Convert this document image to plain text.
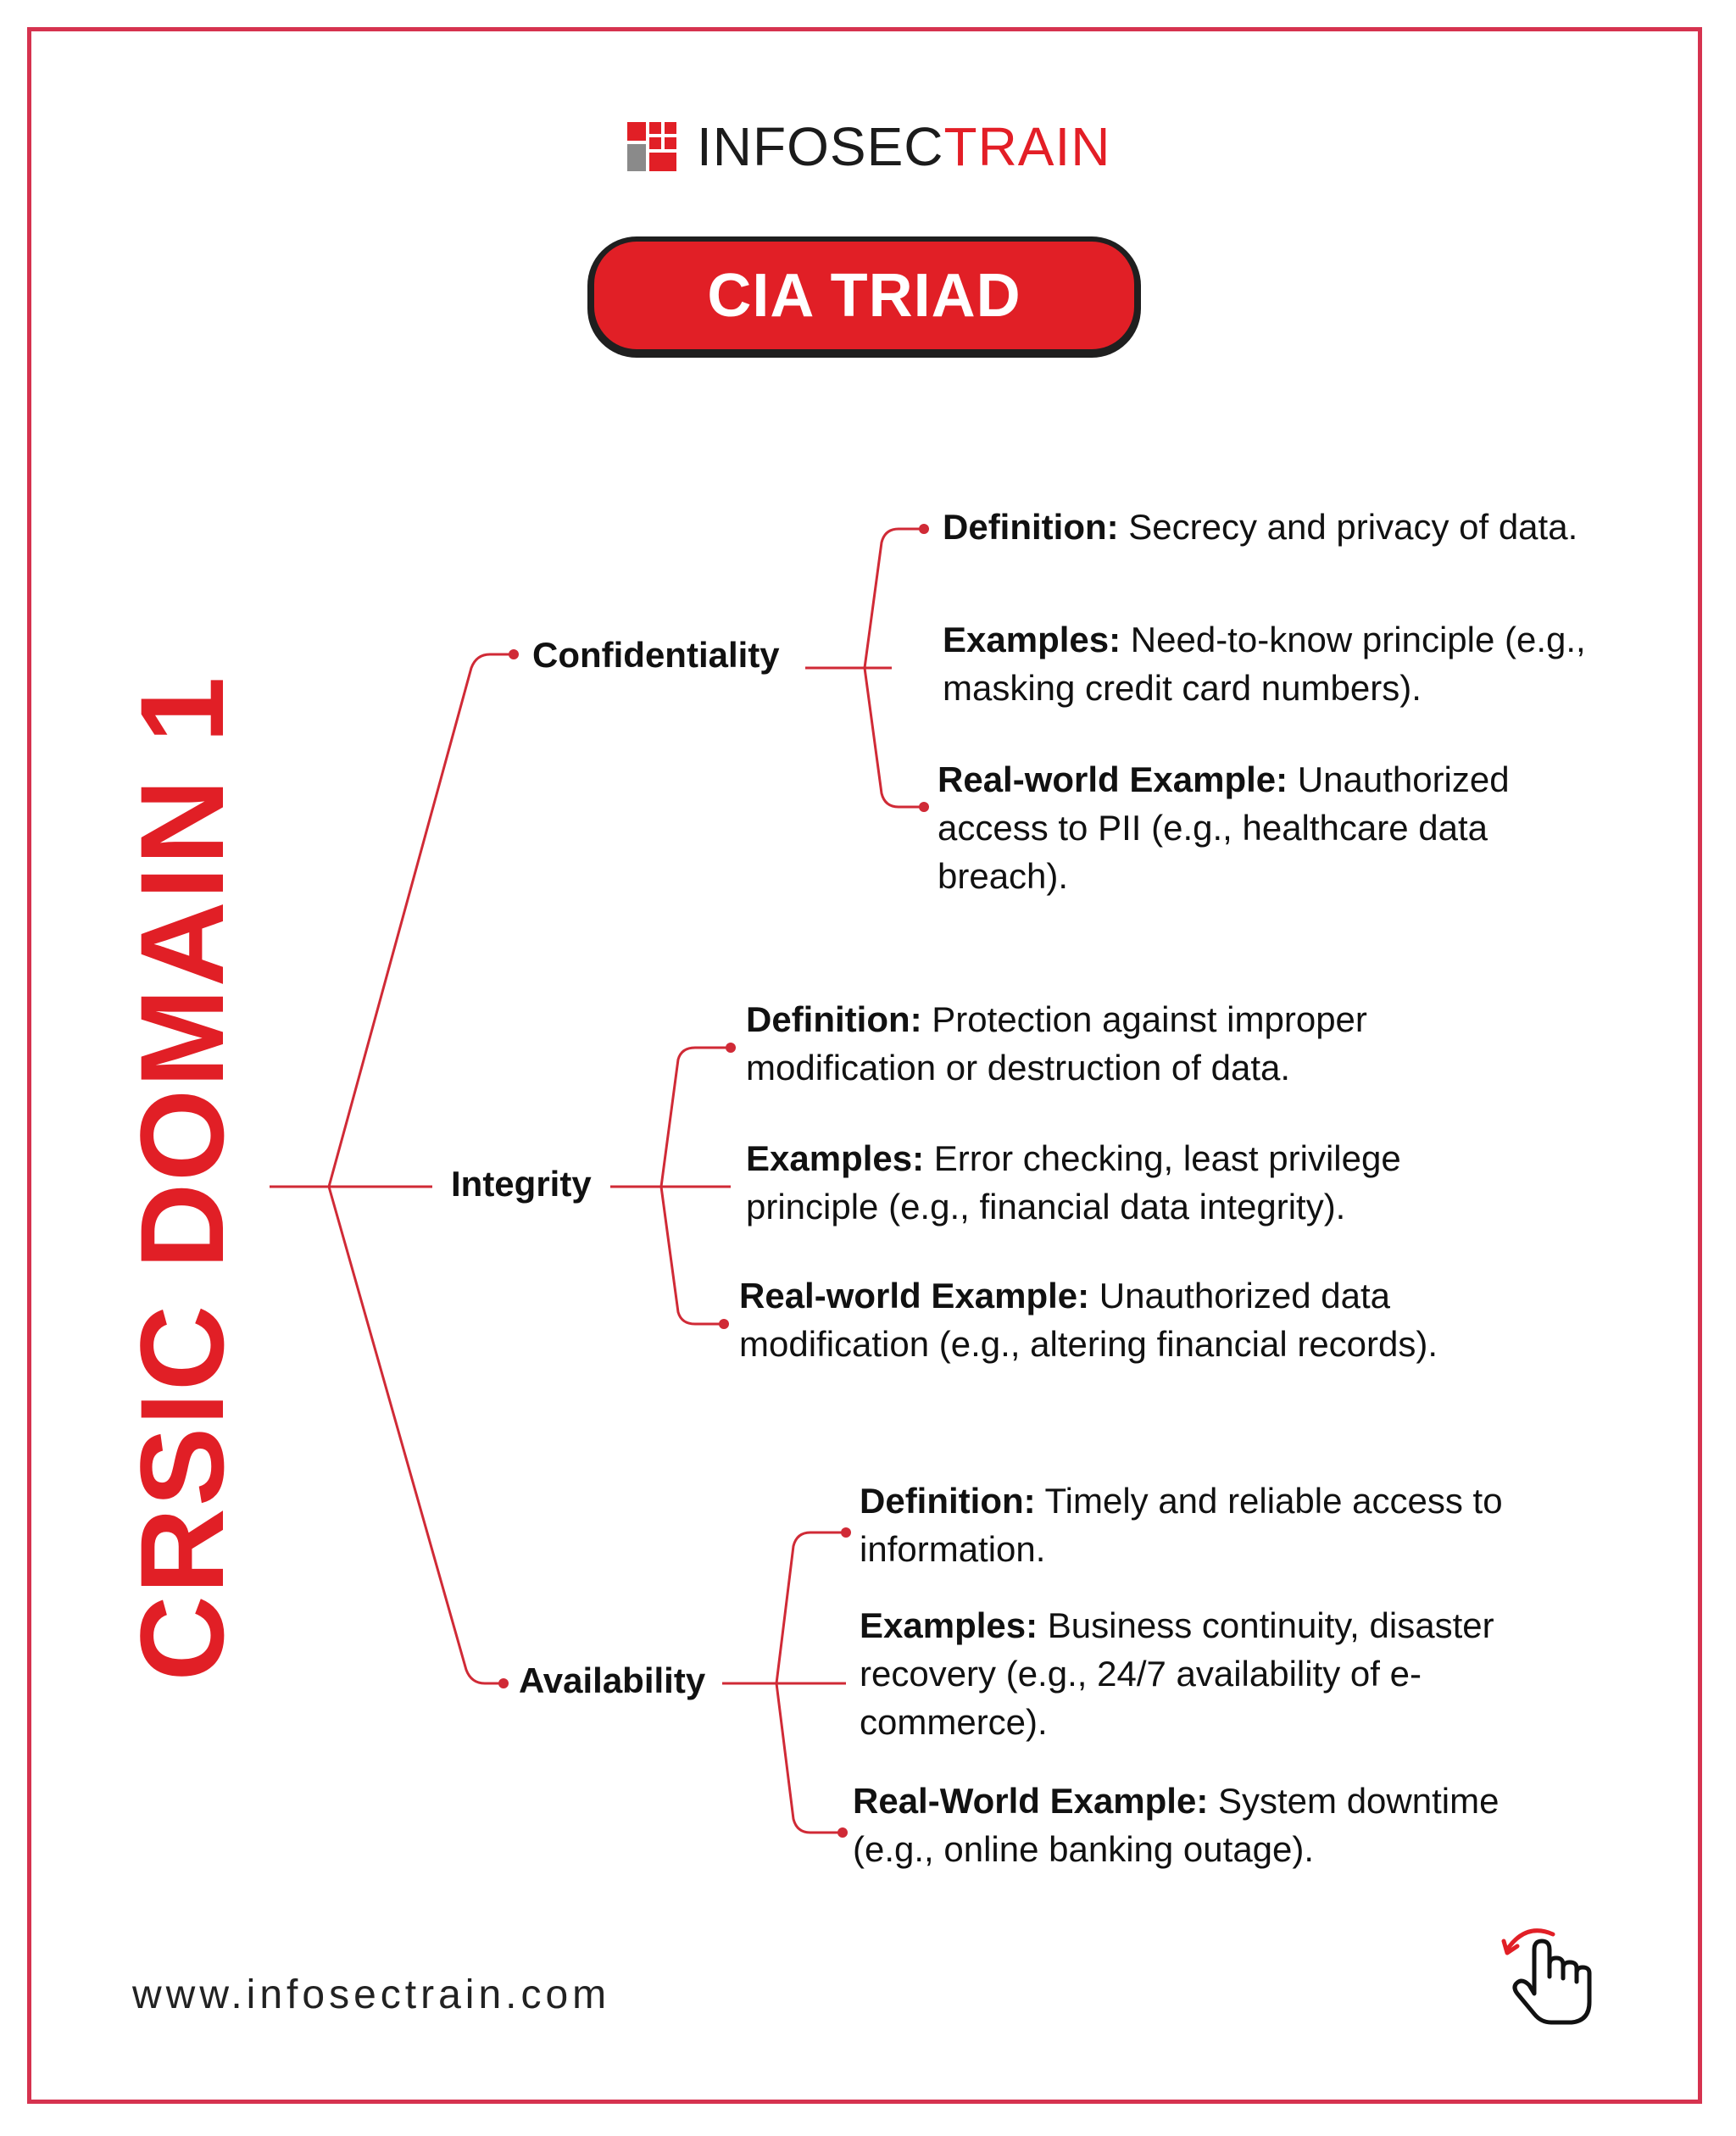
INFOSECTRAIN
CIA TRIAD
CRSIC DOMAIN 1
Confidentiality
Integrity
Availability
Definition: Secrecy and privacy of data.
Examples: Need-to-know principle (e.g., masking credit card numbers).
Real-world Example: Unauthorized access to PII (e.g., healthcare data breach).
Definition: Protection against improper modification or destruction of data.
Examples: Error checking, least privilege principle (e.g., financial data integrity).
Real-world Example: Unauthorized data modification (e.g., altering financial records).
Definition: Timely and reliable access to information.
Examples: Business continuity, disaster recovery (e.g., 24/7 availability of e-commerce).
Real-World Example: System downtime (e.g., online banking outage).
www.infosectrain.com
